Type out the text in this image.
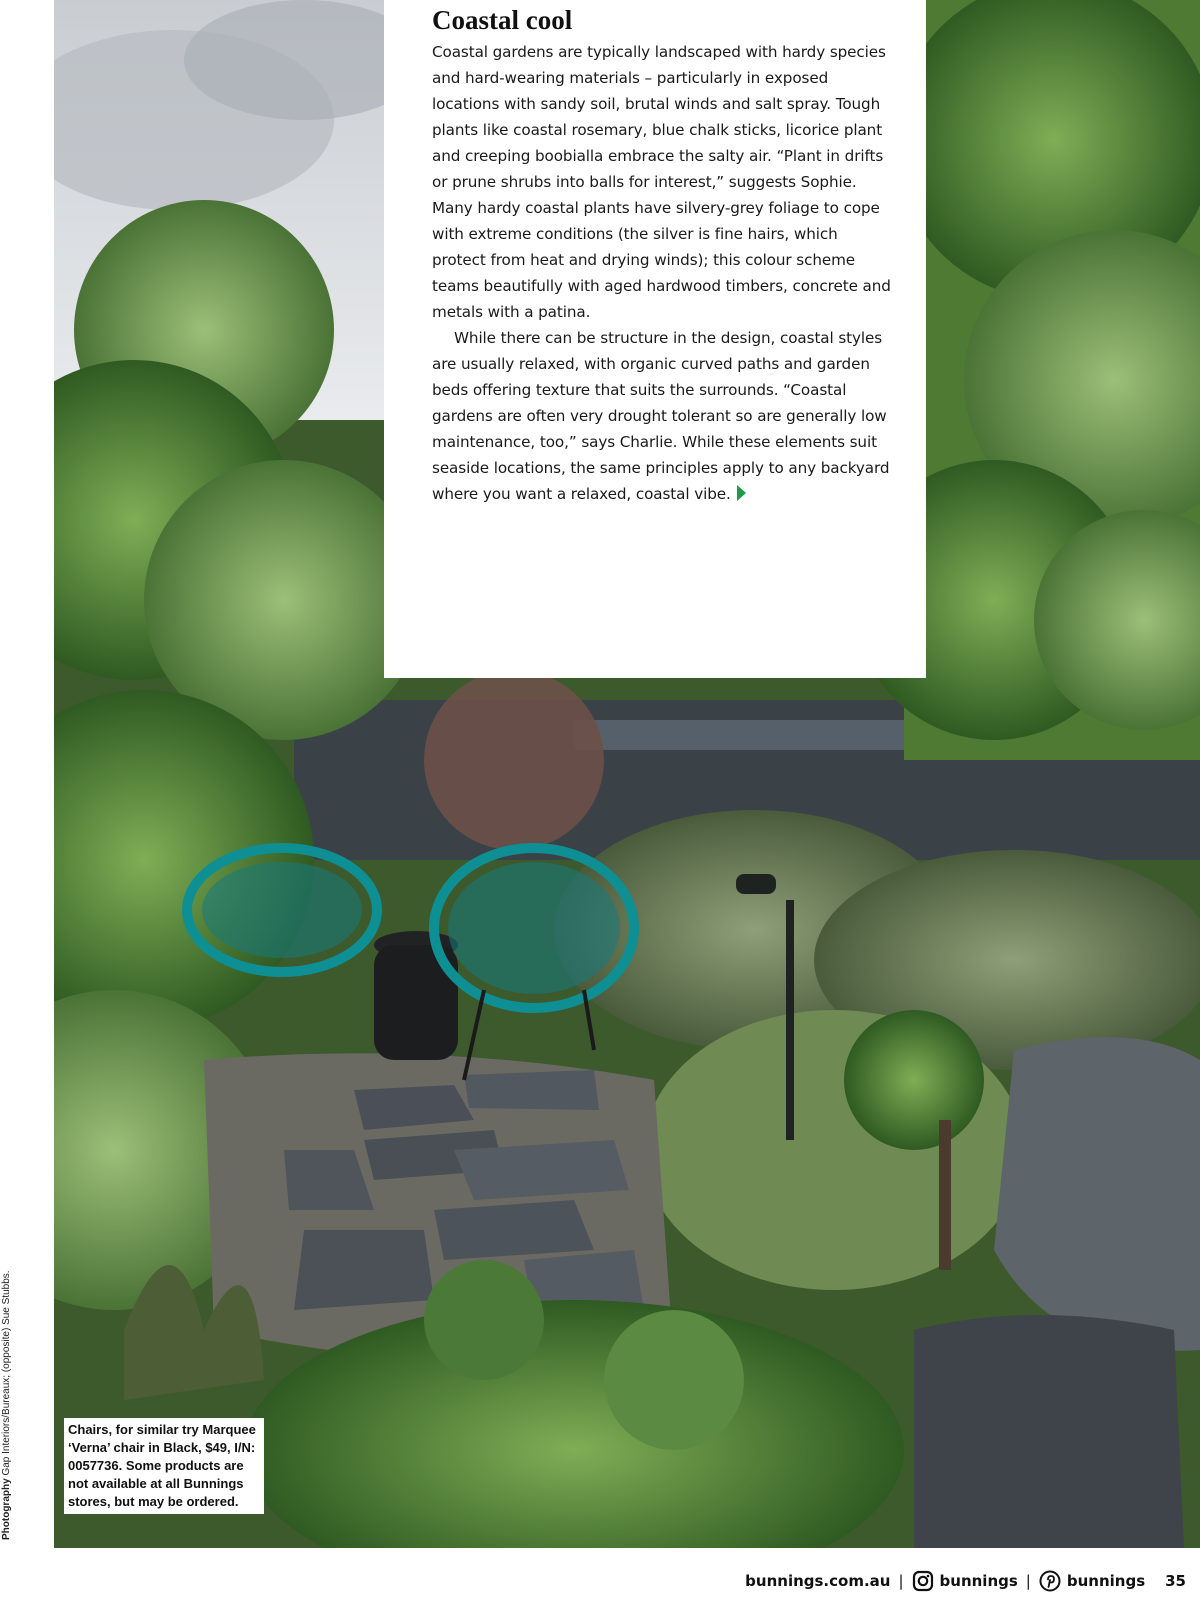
Coastal cool

Coastal gardens are typically landscaped with hardy species and hard-wearing materials – particularly in exposed locations with sandy soil, brutal winds and salt spray. Tough plants like coastal rosemary, blue chalk sticks, licorice plant and creeping boobialla embrace the salty air. “Plant in drifts or prune shrubs into balls for interest,” suggests Sophie. Many hardy coastal plants have silvery-grey foliage to cope with extreme conditions (the silver is fine hairs, which protect from heat and drying winds); this colour scheme teams beautifully with aged hardwood timbers, concrete and metals with a patina.

While there can be structure in the design, coastal styles are usually relaxed, with organic curved paths and garden beds offering texture that suits the surrounds. “Coastal gardens are often very drought tolerant so are generally low maintenance, too,” says Charlie. While these elements suit seaside locations, the same principles apply to any backyard where you want a relaxed, coastal vibe.

Chairs, for similar try Marquee ‘Verna’ chair in Black, $49, I/N: 0057736. Some products are not available at all Bunnings stores, but may be ordered.
Photography Gap Interiors/Bureaux; (opposite) Sue Stubbs.
bunnings.com.au | bunnings | bunnings 35
